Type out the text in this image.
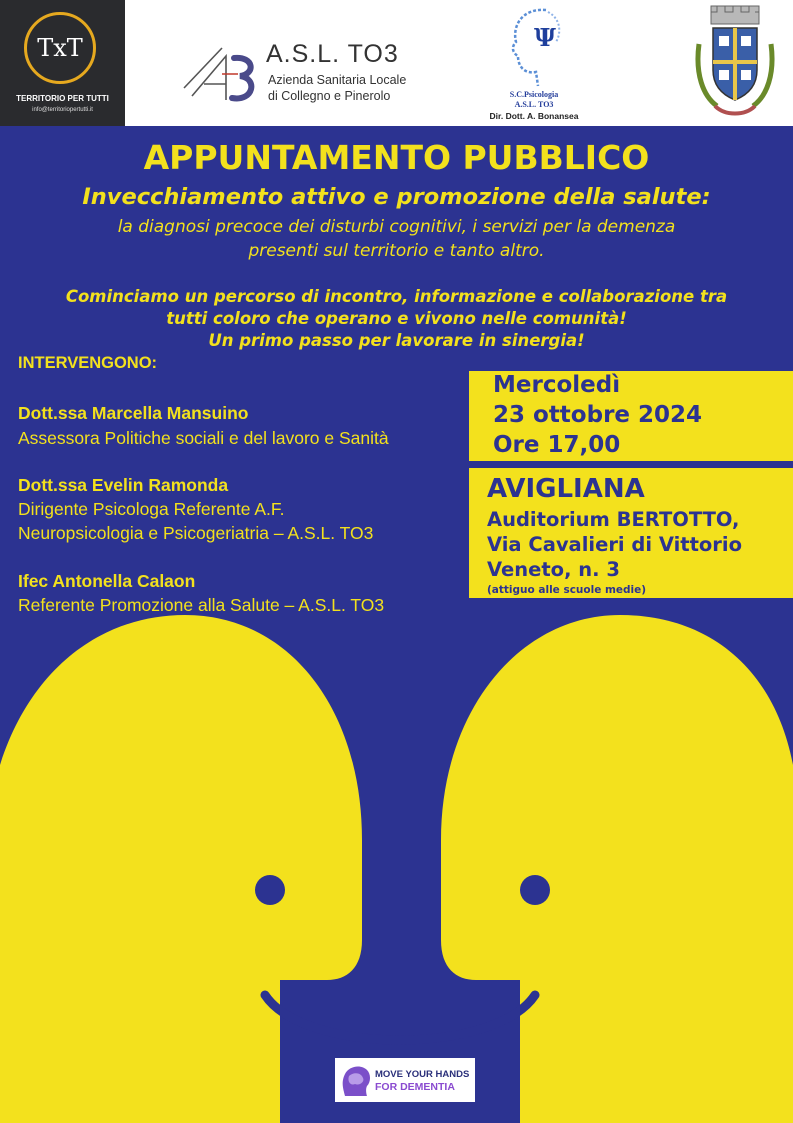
TxT
TERRITORIO PER TUTTI
info@territoriopertutti.it
A.S.L. TO3
Azienda Sanitaria Locale
di Collegno e Pinerolo
Ψ
S.C.Psicologia
A.S.L. TO3
Dir. Dott. A. Bonansea
APPUNTAMENTO PUBBLICO
Invecchiamento attivo e promozione della salute:
la diagnosi precoce dei disturbi cognitivi, i servizi per la demenza
presenti sul territorio e tanto altro.
Cominciamo un percorso di incontro, informazione e collaborazione tra
tutti coloro che operano e vivono nelle comunità!
Un primo passo per lavorare in sinergia!
INTERVENGONO:
Dott.ssa Marcella Mansuino
Assessora Politiche sociali e del lavoro e Sanità
Dott.ssa Evelin Ramonda
Dirigente Psicologa Referente A.F.
Neuropsicologia e Psicogeriatria – A.S.L. TO3
Ifec Antonella Calaon
Referente Promozione alla Salute – A.S.L. TO3
Mercoledì
23 ottobre 2024
Ore 17,00
AVIGLIANA
Auditorium BERTOTTO,
Via Cavalieri di Vittorio
Veneto, n. 3
(attiguo alle scuole medie)
MOVE YOUR HANDS
FOR DEMENTIA
